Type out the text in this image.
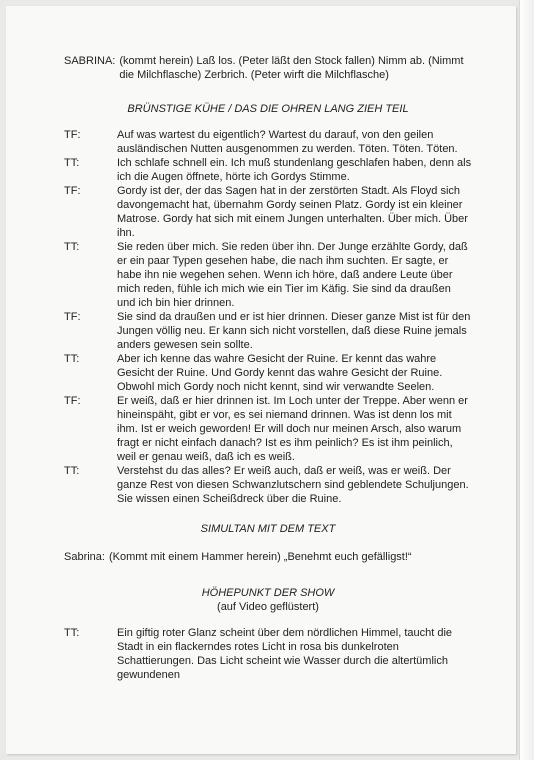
SABRINA: (kommt herein) Laß los. (Peter läßt den Stock fallen) Nimm ab. (Nimmt die Milchflasche) Zerbrich. (Peter wirft die Milchflasche)
BRÜNSTIGE KÜHE / DAS DIE OHREN LANG ZIEH TEIL
TF:	Auf was wartest du eigentlich? Wartest du darauf, von den geilen ausländischen Nutten ausgenommen zu werden. Töten. Töten. Töten.
TT:	Ich schlafe schnell ein. Ich muß stundenlang geschlafen haben, denn als ich die Augen öffnete, hörte ich Gordys Stimme.
TF:	Gordy ist der, der das Sagen hat in der zerstörten Stadt. Als Floyd sich davongemacht hat, übernahm Gordy seinen Platz. Gordy ist ein kleiner Matrose. Gordy hat sich mit einem Jungen unterhalten. Über mich. Über ihn.
TT:	Sie reden über mich. Sie reden über ihn. Der Junge erzählte Gordy, daß er ein paar Typen gesehen habe, die nach ihm suchten. Er sagte, er habe ihn nie wegehen sehen. Wenn ich höre, daß andere Leute über mich reden, fühle ich mich wie ein Tier im Käfig. Sie sind da draußen und ich bin hier drinnen.
TF:	Sie sind da draußen und er ist hier drinnen. Dieser ganze Mist ist für den Jungen völlig neu. Er kann sich nicht vorstellen, daß diese Ruine jemals anders gewesen sein sollte.
TT:	Aber ich kenne das wahre Gesicht der Ruine. Er kennt das wahre Gesicht der Ruine. Und Gordy kennt das wahre Gesicht der Ruine. Obwohl mich Gordy noch nicht kennt, sind wir verwandte Seelen.
TF:	Er weiß, daß er hier drinnen ist. Im Loch unter der Treppe. Aber wenn er hineinspäht, gibt er vor, es sei niemand drinnen. Was ist denn los mit ihm. Ist er weich geworden! Er will doch nur meinen Arsch, also warum fragt er nicht einfach danach? Ist es ihm peinlich? Es ist ihm peinlich, weil er genau weiß, daß ich es weiß.
TT:	Verstehst du das alles? Er weiß auch, daß er weiß, was er weiß. Der ganze Rest von diesen Schwanzlutschern sind geblendete Schuljungen. Sie wissen einen Scheißdreck über die Ruine.
SIMULTAN MIT DEM TEXT
Sabrina: (Kommt mit einem Hammer herein) „Benehmt euch gefälligst!“
HÖHEPUNKT DER SHOW
(auf Video geflüstert)
TT:	Ein giftig roter Glanz scheint über dem nördlichen Himmel, taucht die Stadt in ein flackerndes rotes Licht in rosa bis dunkelroten Schattierungen. Das Licht scheint wie Wasser durch die altertümlich gewundenen
